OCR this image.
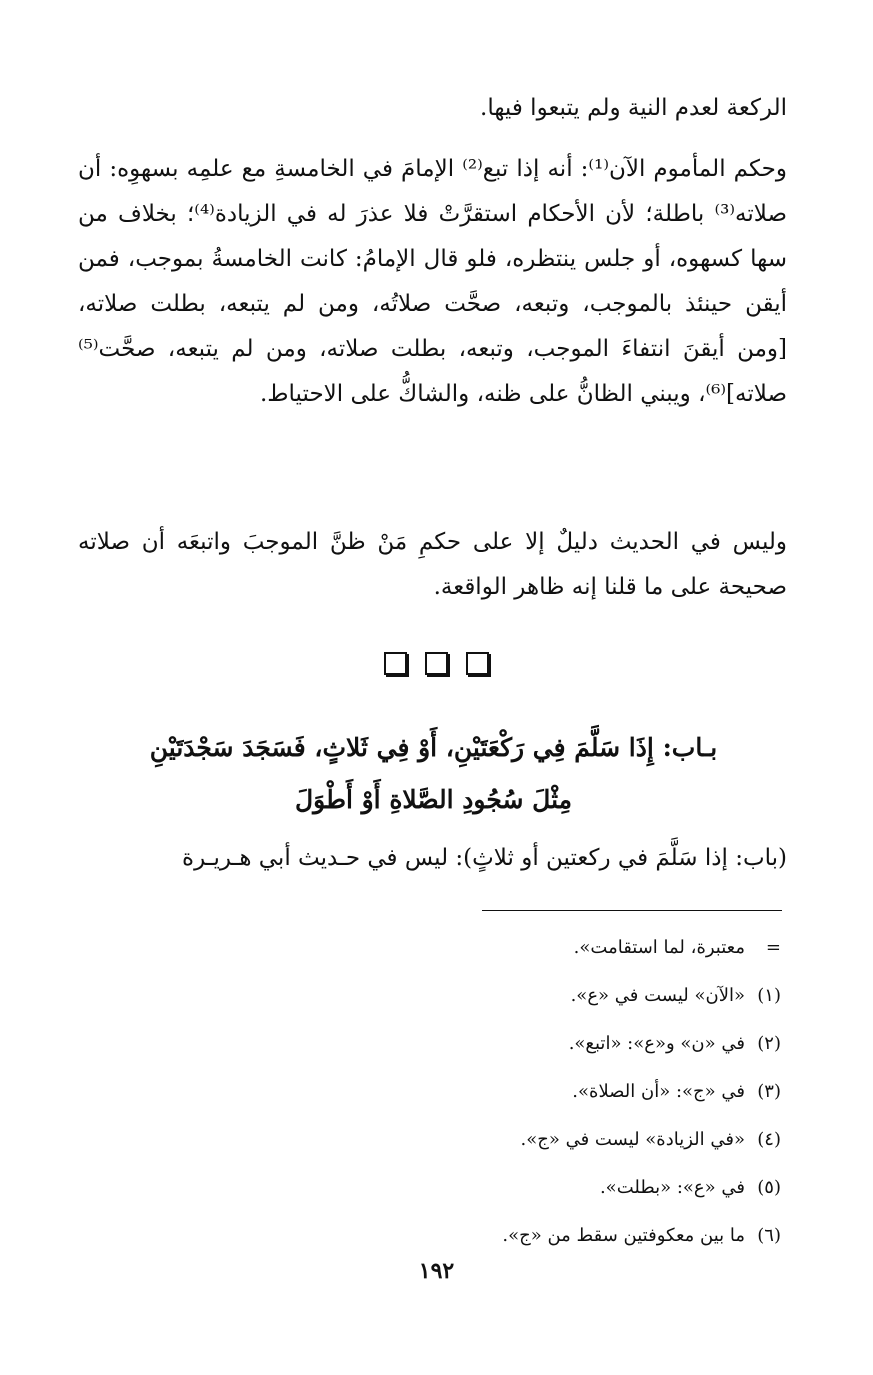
الركعة لعدم النية ولم يتبعوا فيها.

وحكم المأموم الآن⁽¹⁾: أنه إذا تبع⁽²⁾ الإمامَ في الخامسةِ مع علمِه بسهوِه: أن صلاته⁽³⁾ باطلة؛ لأن الأحكام استقرَّتْ فلا عذرَ له في الزيادة⁽⁴⁾؛ بخلاف من سها كسهوه، أو جلس ينتظره، فلو قال الإمامُ: كانت الخامسةُ بموجب، فمن أيقن حينئذ بالموجب، وتبعه، صحَّت صلاتُه، ومن لم يتبعه، بطلت صلاته، [ومن أيقنَ انتفاءَ الموجب، وتبعه، بطلت صلاته، ومن لم يتبعه، صحَّت⁽⁵⁾ صلاته]⁽⁶⁾، ويبني الظانُّ على ظنه، والشاكُّ على الاحتياط.

وليس في الحديث دليلٌ إلا على حكمِ مَنْ ظنَّ الموجبَ واتبعَه أن صلاته صحيحة على ما قلنا إنه ظاهر الواقعة.

بـاب: إِذَا سَلَّمَ فِي رَكْعَتَيْنِ، أَوْ فِي ثَلاثٍ، فَسَجَدَ سَجْدَتَيْنِ
مِثْلَ سُجُودِ الصَّلاةِ أَوْ أَطْوَلَ

(باب: إذا سَلَّمَ في ركعتين أو ثلاثٍ): ليس في حـديث أبي هـريـرة

=معتبرة، لما استقامت».
(١)«الآن» ليست في «ع».
(٢)في «ن» و«ع»: «اتبع».
(٣)في «ج»: «أن الصلاة».
(٤)«في الزيادة» ليست في «ج».
(٥)في «ع»: «بطلت».
(٦)ما بين معكوفتين سقط من «ج».
١٩٢
